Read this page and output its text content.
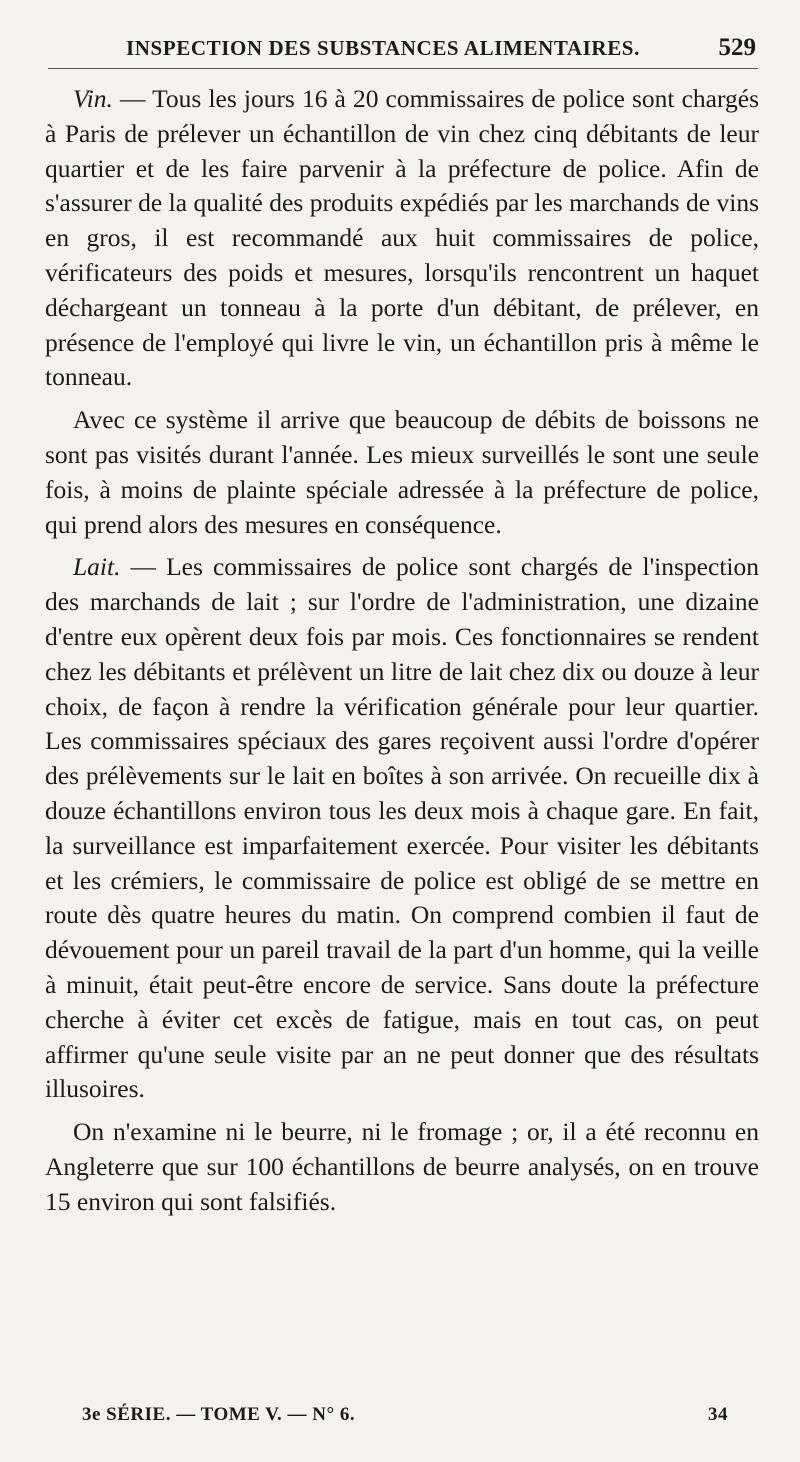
INSPECTION DES SUBSTANCES ALIMENTAIRES.	529

Vin. — Tous les jours 16 à 20 commissaires de police sont chargés à Paris de prélever un échantillon de vin chez cinq débitants de leur quartier et de les faire parvenir à la préfecture de police. Afin de s'assurer de la qualité des produits expédiés par les marchands de vins en gros, il est recommandé aux huit commissaires de police, vérificateurs des poids et mesures, lorsqu'ils rencontrent un haquet déchargeant un tonneau à la porte d'un débitant, de prélever, en présence de l'employé qui livre le vin, un échantillon pris à même le tonneau.

Avec ce système il arrive que beaucoup de débits de boissons ne sont pas visités durant l'année. Les mieux surveillés le sont une seule fois, à moins de plainte spéciale adressée à la préfecture de police, qui prend alors des mesures en conséquence.

Lait. — Les commissaires de police sont chargés de l'inspection des marchands de lait ; sur l'ordre de l'administration, une dizaine d'entre eux opèrent deux fois par mois. Ces fonctionnaires se rendent chez les débitants et prélèvent un litre de lait chez dix ou douze à leur choix, de façon à rendre la vérification générale pour leur quartier. Les commissaires spéciaux des gares reçoivent aussi l'ordre d'opérer des prélèvements sur le lait en boîtes à son arrivée. On recueille dix à douze échantillons environ tous les deux mois à chaque gare. En fait, la surveillance est imparfaitement exercée. Pour visiter les débitants et les crémiers, le commissaire de police est obligé de se mettre en route dès quatre heures du matin. On comprend combien il faut de dévouement pour un pareil travail de la part d'un homme, qui la veille à minuit, était peut-être encore de service. Sans doute la préfecture cherche à éviter cet excès de fatigue, mais en tout cas, on peut affirmer qu'une seule visite par an ne peut donner que des résultats illusoires.

On n'examine ni le beurre, ni le fromage ; or, il a été reconnu en Angleterre que sur 100 échantillons de beurre analysés, on en trouve 15 environ qui sont falsifiés.

3e SÉRIE. — TOME V. — N° 6.	34
